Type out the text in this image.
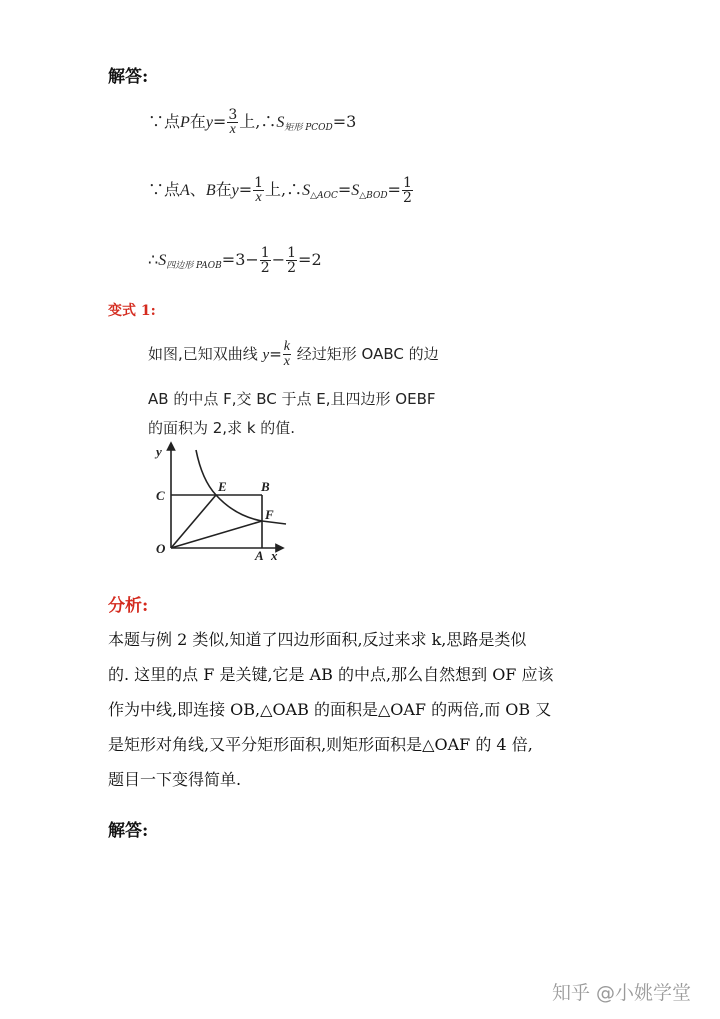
解答:
∵点P在$y= \frac{3}{x}$ 上$,\therefore S_{矩形 PCOD}=3$
∵点A、B在$y= \frac{1}{x}$ 上$,\therefore S_{\triangle AOC}=S_{\triangle BOD}= \frac{1}{2}$
$\therefore S_{四边形 PAOB}=3- \frac{1}{2} - \frac{1}{2} =2$
变式 1:
如图,已知双曲线 $y= \frac{k}{x}$ 经过矩形 OABC 的边
AB 的中点 F,交 BC 于点 E,且四边形 OEBF
的面积为 2,求 k 的值.
y
C
E	B
F
O	A x
分析:
本题与例 2 类似,知道了四边形面积,反过来求 k,思路是类似
的. 这里的点 F 是关键,它是 AB 的中点,那么自然想到 OF 应该
作为中线,即连接 OB,△OAB 的面积是△OAF 的两倍,而 OB 又
是矩形对角线,又平分矩形面积,则矩形面积是△OAF 的 4 倍,
题目一下变得简单.
解答:
知乎 @小姚学堂
